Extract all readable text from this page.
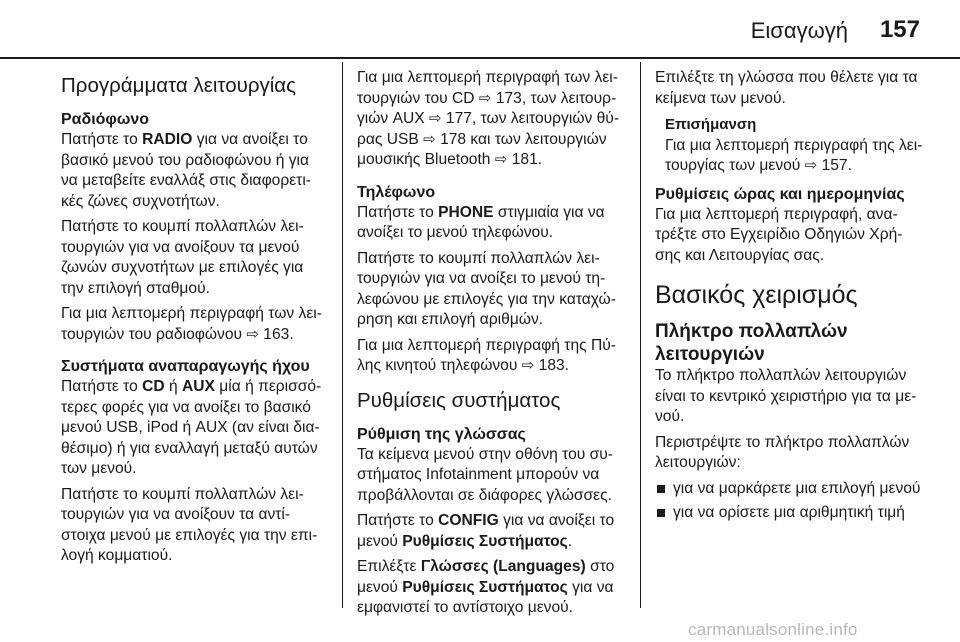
Εισαγωγή 157
Προγράμματα λειτουργίας
Ραδιόφωνο

Πατήστε το RADIO για να ανοίξει το βασικό μενού του ραδιοφώνου ή για να μεταβείτε εναλλάξ στις διαφορετι-κές ζώνες συχνοτήτων.

Πατήστε το κουμπί πολλαπλών λει-τουργιών για να ανοίξουν τα μενού ζωνών συχνοτήτων με επιλογές για την επιλογή σταθμού.

Για μια λεπτομερή περιγραφή των λει-τουργιών του ραδιοφώνου ⇨ 163.

Συστήματα αναπαραγωγής ήχου

Πατήστε το CD ή AUX μία ή περισσό-τερες φορές για να ανοίξει το βασικό μενού USB, iPod ή AUX (αν είναι δια-θέσιμο) ή για εναλλαγή μεταξύ αυτών των μενού.

Πατήστε το κουμπί πολλαπλών λει-τουργιών για να ανοίξουν τα αντί-στοιχα μενού με επιλογές για την επι-λογή κομματιού.

Για μια λεπτομερή περιγραφή των λει-τουργιών του CD ⇨ 173, των λειτουρ-γιών AUX ⇨ 177, των λειτουργιών θύ-ρας USB ⇨ 178 και των λειτουργιών μουσικής Bluetooth ⇨ 181.

Τηλέφωνο

Πατήστε το PHONE στιγμιαία για να ανοίξει το μενού τηλεφώνου.

Πατήστε το κουμπί πολλαπλών λει-τουργιών για να ανοίξει το μενού τη-λεφώνου με επιλογές για την καταχώ-ρηση και επιλογή αριθμών.

Για μια λεπτομερή περιγραφή της Πύ-λης κινητού τηλεφώνου ⇨ 183.

Ρυθμίσεις συστήματος
Ρύθμιση της γλώσσας

Τα κείμενα μενού στην οθόνη του συ-στήματος Infotainment μπορούν να προβάλλονται σε διάφορες γλώσσες.

Πατήστε το CONFIG για να ανοίξει το μενού Ρυθμίσεις Συστήματος.

Επιλέξτε Γλώσσες (Languages) στο μενού Ρυθμίσεις Συστήματος για να εμφανιστεί το αντίστοιχο μενού.

Επιλέξτε τη γλώσσα που θέλετε για τα κείμενα των μενού.

Επισήμανση

Για μια λεπτομερή περιγραφή της λει-τουργίας των μενού ⇨ 157.

Ρυθμίσεις ώρας και ημερομηνίας

Για μια λεπτομερή περιγραφή, ανα-τρέξτε στο Εγχειρίδιο Οδηγιών Χρή-σης και Λειτουργίας σας.

Βασικός χειρισμός
Πλήκτρο πολλαπλών
λειτουργιών

Το πλήκτρο πολλαπλών λειτουργιών είναι το κεντρικό χειριστήριο για τα με-νού.

Περιστρέψτε το πλήκτρο πολλαπλών λειτουργιών:

για να μαρκάρετε μια επιλογή μενού
για να ορίσετε μια αριθμητική τιμή
carmanualsonline.info
